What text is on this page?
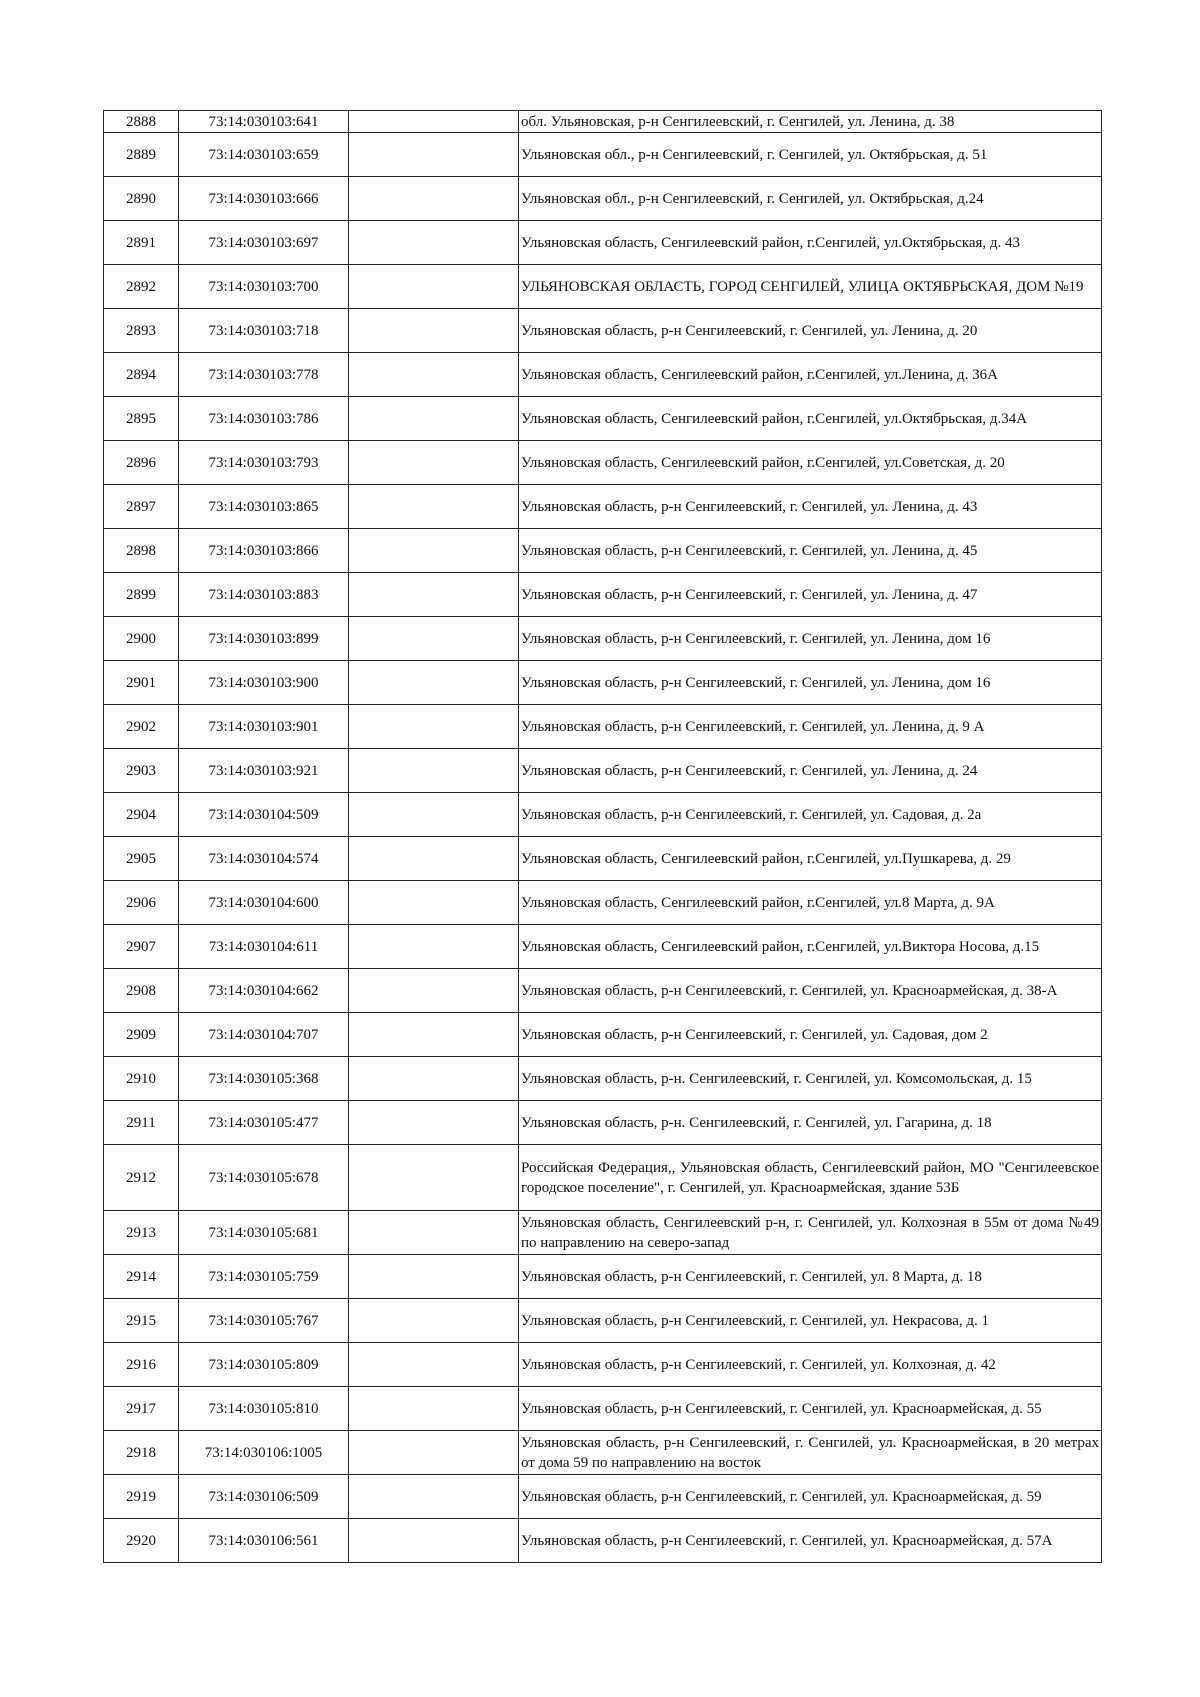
2888	73:14:030103:641		обл. Ульяновская, р-н Сенгилеевский, г. Сенгилей, ул. Ленина, д. 38
2889	73:14:030103:659		Ульяновская обл., р-н Сенгилеевский, г. Сенгилей, ул. Октябрьская, д. 51
2890	73:14:030103:666		Ульяновская обл., р-н Сенгилеевский, г. Сенгилей, ул. Октябрьская, д.24
2891	73:14:030103:697		Ульяновская область, Сенгилеевский район, г.Сенгилей, ул.Октябрьская, д. 43
2892	73:14:030103:700		УЛЬЯНОВСКАЯ ОБЛАСТЬ, ГОРОД СЕНГИЛЕЙ, УЛИЦА ОКТЯБРЬСКАЯ, ДОМ №19
2893	73:14:030103:718		Ульяновская область, р-н Сенгилеевский, г. Сенгилей, ул. Ленина, д. 20
2894	73:14:030103:778		Ульяновская область, Сенгилеевский район, г.Сенгилей, ул.Ленина, д. 36А
2895	73:14:030103:786		Ульяновская область, Сенгилеевский район, г.Сенгилей, ул.Октябрьская, д.34А
2896	73:14:030103:793		Ульяновская область, Сенгилеевский район, г.Сенгилей, ул.Советская, д. 20
2897	73:14:030103:865		Ульяновская область, р-н Сенгилеевский, г. Сенгилей, ул. Ленина, д. 43
2898	73:14:030103:866		Ульяновская область, р-н Сенгилеевский, г. Сенгилей, ул. Ленина, д. 45
2899	73:14:030103:883		Ульяновская область, р-н Сенгилеевский, г. Сенгилей, ул. Ленина, д. 47
2900	73:14:030103:899		Ульяновская область, р-н Сенгилеевский, г. Сенгилей, ул. Ленина, дом 16
2901	73:14:030103:900		Ульяновская область, р-н Сенгилеевский, г. Сенгилей, ул. Ленина, дом 16
2902	73:14:030103:901		Ульяновская область, р-н Сенгилеевский, г. Сенгилей, ул. Ленина, д. 9 А
2903	73:14:030103:921		Ульяновская область, р-н Сенгилеевский, г. Сенгилей, ул. Ленина, д. 24
2904	73:14:030104:509		Ульяновская область, р-н Сенгилеевский, г. Сенгилей, ул. Садовая, д. 2а
2905	73:14:030104:574		Ульяновская область, Сенгилеевский район, г.Сенгилей, ул.Пушкарева, д. 29
2906	73:14:030104:600		Ульяновская область, Сенгилеевский район, г.Сенгилей, ул.8 Марта, д. 9А
2907	73:14:030104:611		Ульяновская область, Сенгилеевский район, г.Сенгилей, ул.Виктора Носова, д.15
2908	73:14:030104:662		Ульяновская область, р-н Сенгилеевский, г. Сенгилей, ул. Красноармейская, д. 38-А
2909	73:14:030104:707		Ульяновская область, р-н Сенгилеевский, г. Сенгилей, ул. Садовая, дом 2
2910	73:14:030105:368		Ульяновская область, р-н. Сенгилеевский, г. Сенгилей, ул. Комсомольская, д. 15
2911	73:14:030105:477		Ульяновская область, р-н. Сенгилеевский, г. Сенгилей, ул. Гагарина, д. 18
2912	73:14:030105:678		Российская Федерация,, Ульяновская область, Сенгилеевский район, МО "Сенгилеевское городское поселение", г. Сенгилей, ул. Красноармейская, здание 53Б
2913	73:14:030105:681		Ульяновская область, Сенгилеевский р-н, г. Сенгилей, ул. Колхозная в 55м от дома №49 по направлению на северо-запад
2914	73:14:030105:759		Ульяновская область, р-н Сенгилеевский, г. Сенгилей, ул. 8 Марта, д. 18
2915	73:14:030105:767		Ульяновская область, р-н Сенгилеевский, г. Сенгилей, ул. Некрасова, д. 1
2916	73:14:030105:809		Ульяновская область, р-н Сенгилеевский, г. Сенгилей, ул. Колхозная, д. 42
2917	73:14:030105:810		Ульяновская область, р-н Сенгилеевский, г. Сенгилей, ул. Красноармейская, д. 55
2918	73:14:030106:1005		Ульяновская область, р-н Сенгилеевский, г. Сенгилей, ул. Красноармейская, в 20 метрах от дома 59 по направлению на восток
2919	73:14:030106:509		Ульяновская область, р-н Сенгилеевский, г. Сенгилей, ул. Красноармейская, д. 59
2920	73:14:030106:561		Ульяновская область, р-н Сенгилеевский, г. Сенгилей, ул. Красноармейская, д. 57А
